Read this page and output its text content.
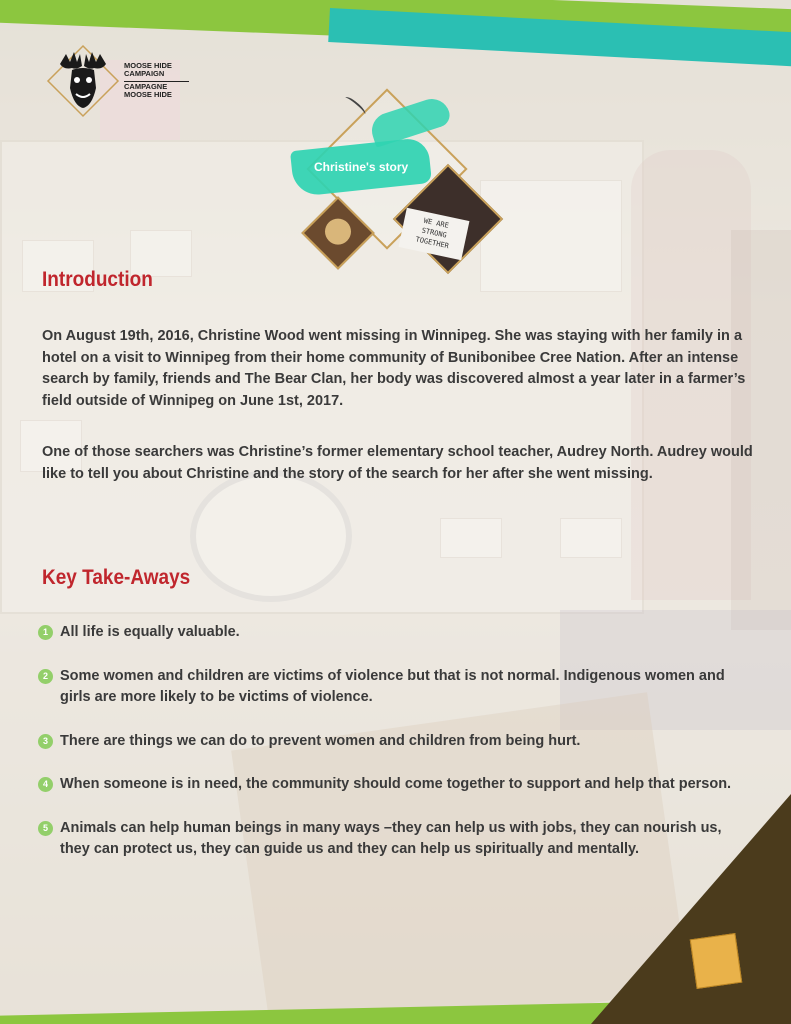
MOOSE HIDE
CAMPAIGN
CAMPAGNE
MOOSE HIDE
WE ARE
STRONG
TOGETHER
Christine's story
Introduction

On August 19th, 2016, Christine Wood went missing in Winnipeg. She was staying with her family in a hotel on a visit to Winnipeg from their home community of Bunibonibee Cree Nation. After an intense search by family, friends and The Bear Clan, her body was discovered almost a year later in a farmer’s field outside of Winnipeg on June 1st, 2017.

One of those searchers was Christine’s former elementary school teacher, Audrey North. Audrey would like to tell you about Christine and the story of the search for her after she went missing.

Key Take-Aways
1 All life is equally valuable.
2 Some women and children are victims of violence but that is not normal. Indigenous women and girls are more likely to be victims of violence.
3 There are things we can do to prevent women and children from being hurt.
4 When someone is in need, the community should come together to support and help that person.
5 Animals can help human beings in many ways –they can help us with jobs, they can nourish us, they can protect us, they can guide us and they can help us spiritually and mentally.
